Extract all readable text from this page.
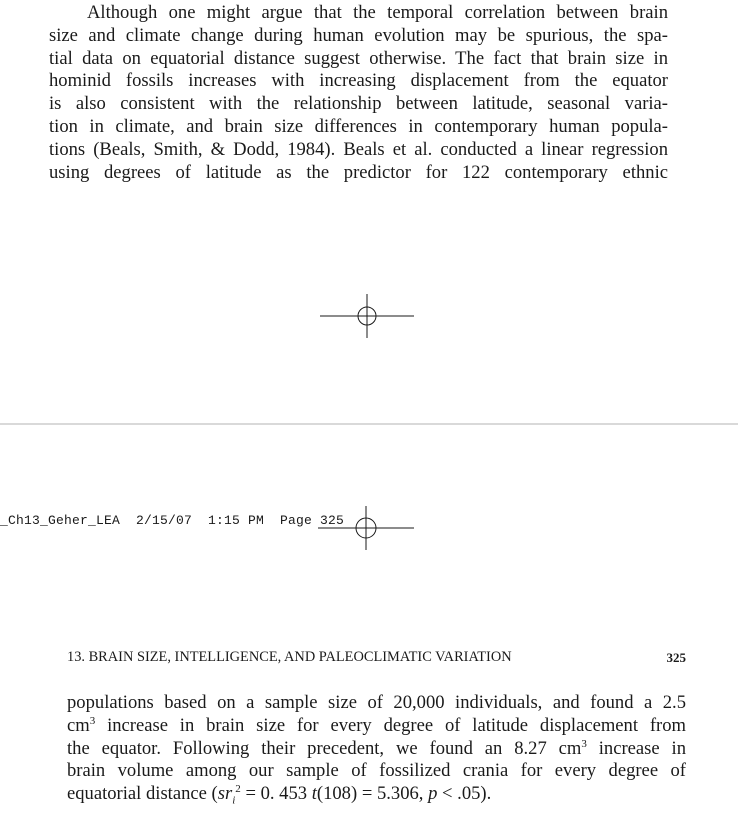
Although one might argue that the temporal correlation between brain
size and climate change during human evolution may be spurious, the spa-
tial data on equatorial distance suggest otherwise. The fact that brain size in
hominid fossils increases with increasing displacement from the equator
is also consistent with the relationship between latitude, seasonal varia-
tion in climate, and brain size differences in contemporary human popula-
tions (Beals, Smith, & Dodd, 1984). Beals et al. conducted a linear regression
using degrees of latitude as the predictor for 122 contemporary ethnic
_Ch13_Geher_LEA  2/15/07  1:15 PM  Page 325
13. BRAIN SIZE, INTELLIGENCE, AND PALEOCLIMATIC VARIATION	325
populations based on a sample size of 20,000 individuals, and found a 2.5
$cm^3$ increase in brain size for every degree of latitude displacement from
the equator. Following their precedent, we found an 8.27 $cm^3$ increase in
brain volume among our sample of fossilized crania for every degree of
equatorial distance ($sr_i^2 = 0$. 453 t(108) = 5.306, p < .05).
